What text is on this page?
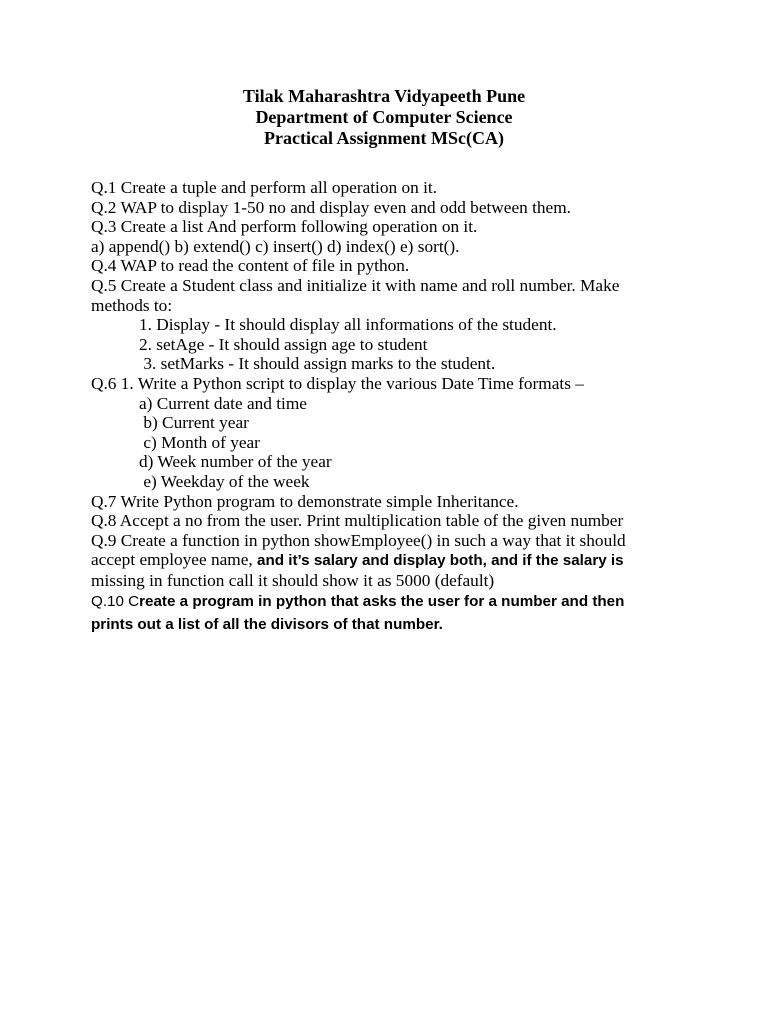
Tilak Maharashtra Vidyapeeth Pune
Department of Computer Science
Practical Assignment MSc(CA)
Q.1 Create a tuple and perform all operation on it.
Q.2 WAP to display 1-50 no and display even and odd between them.
Q.3 Create a list And perform following operation on it.
a) append() b) extend() c) insert() d) index() e) sort().
Q.4 WAP to read the content of file in python.
Q.5 Create a Student class and initialize it with name and roll number. Make
methods to:
1. Display - It should display all informations of the student.
2. setAge - It should assign age to student
3. setMarks - It should assign marks to the student.
Q.6 1. Write a Python script to display the various Date Time formats –
a) Current date and time
b) Current year
c) Month of year
d) Week number of the year
e) Weekday of the week
Q.7 Write Python program to demonstrate simple Inheritance.
Q.8 Accept a no from the user. Print multiplication table of the given number
Q.9 Create a function in python showEmployee() in such a way that it should
accept employee name, and it’s salary and display both, and if the salary is
missing in function call it should show it as 5000 (default)
Q.10 Create a program in python that asks the user for a number and then
prints out a list of all the divisors of that number.
